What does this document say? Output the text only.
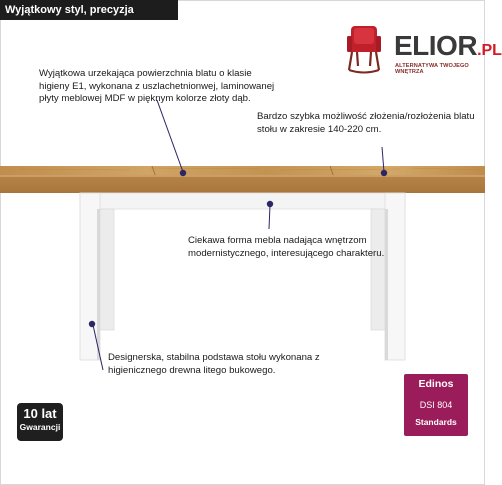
Wyjątkowy styl, precyzja wykonania!	ELIOR.PL
ALTERNATYWA TWOJEGO WNĘTRZA

Wyjątkowa urzekająca powierzchnia blatu o klasie higieny E1, wykonana z uszlachetnionwej, laminowanej płyty meblowej MDF w pięknym kolorze złoty dąb.

Bardzo szybka możliwość złożenia/rozłożenia blatu stołu w zakresie 140-220 cm.

Ciekawa forma mebla nadająca wnętrzom modernistycznego, interesującego charakteru.

Designerska, stabilna podstawa stołu wykonana z higienicznego drewna litego bukowego.

10 lat
Gwarancji
Edinos
DSI 804
Standards
